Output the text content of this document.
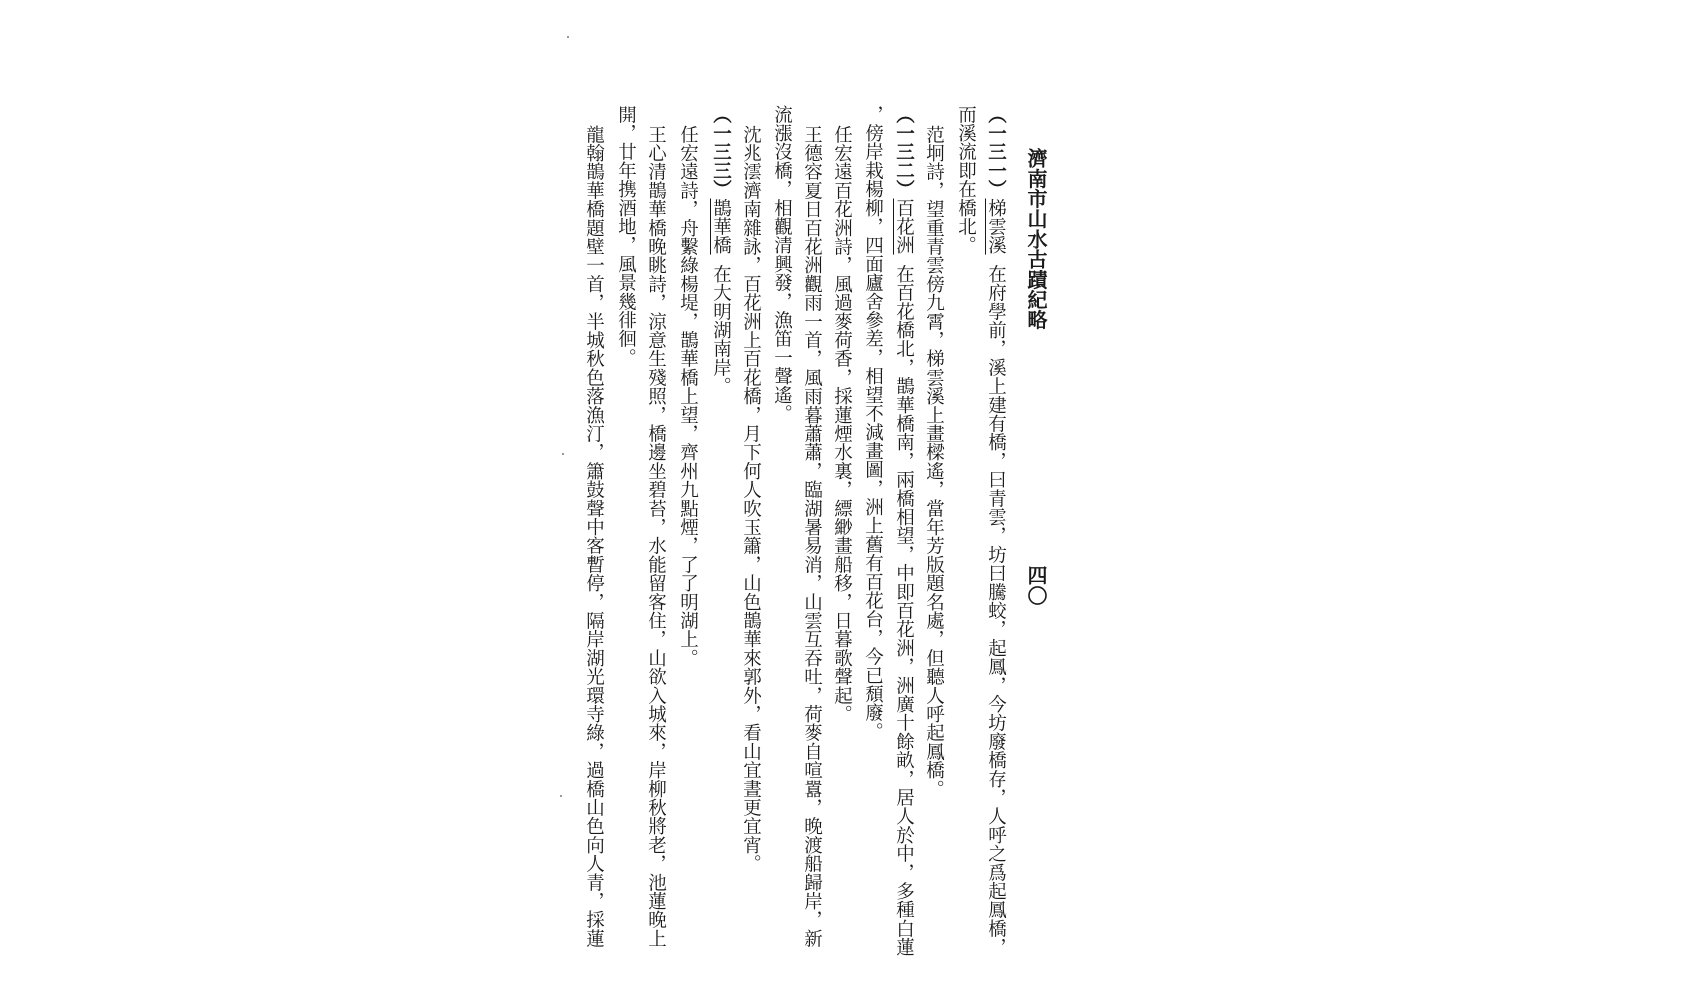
濟南市山水古蹟紀略
四〇
（一三一）梯雲溪在府學前，溪上建有橋，曰青雲，坊曰騰蛟，起鳳，今坊廢橋存，人呼之爲起鳳橋，
而溪流即在橋北。
范坰詩，望重青雲傍九霄，梯雲溪上畫樑遙，當年芳版題名處，但聽人呼起鳳橋。
（一三二）百花洲在百花橋北，鵲華橋南，兩橋相望，中即百花洲，洲廣十餘畝，居人於中，多種白蓮
，傍岸栽楊柳，四面廬舍參差，相望不減畫圖，洲上舊有百花台，今已頹廢。
任宏遠百花洲詩，風過麥荷香，採蓮煙水裏，縹緲畫船移，日暮歌聲起。
王德容夏日百花洲觀雨一首，風雨暮蕭蕭，臨湖暑易消，山雲互吞吐，荷麥自喧囂，晚渡船歸岸，新
流漲沒橋，相觀清興發，漁笛一聲遙。
沈兆澐濟南雜詠，百花洲上百花橋，月下何人吹玉簫，山色鵲華來郭外，看山宜晝更宜宵。
（一三三）鵲華橋在大明湖南岸。
任宏遠詩，舟繫綠楊堤，鵲華橋上望，齊州九點煙，了了明湖上。
王心清鵲華橋晚眺詩，涼意生殘照，橋邊坐碧苔，水能留客住，山欲入城來，岸柳秋將老，池蓮晚上
開，廿年携酒地，風景幾徘徊。
龍翰鵲華橋題壁一首，半城秋色落漁汀，簫鼓聲中客暫停，隔岸湖光環寺綠，過橋山色向人青，採蓮
